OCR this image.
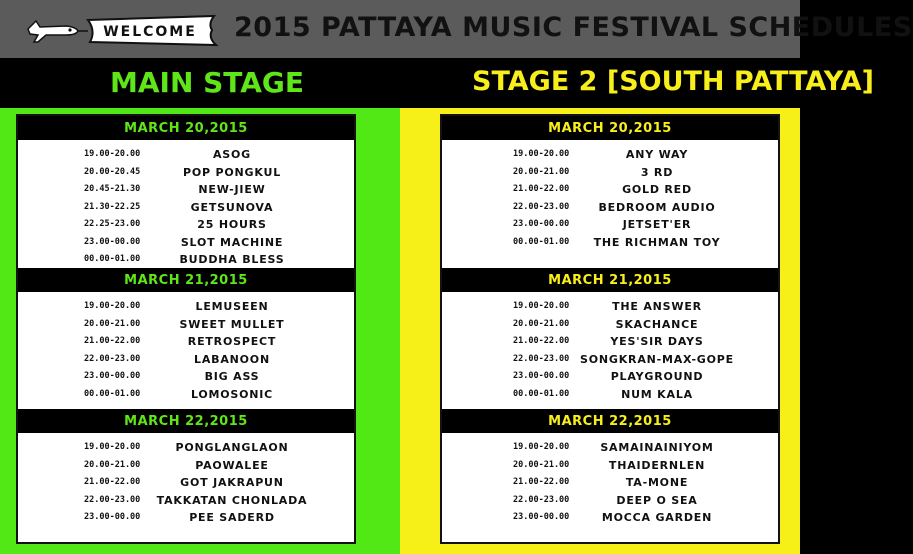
WELCOME 2015 PATTAYA MUSIC FESTIVAL SCHEDULES
MAIN STAGE	STAGE 2 [SOUTH PATTAYA]
MARCH 20,2015
19.00-20.00	ASOG
20.00-20.45	POP PONGKUL
20.45-21.30	NEW-JIEW
21.30-22.25	GETSUNOVA
22.25-23.00	25 HOURS
23.00-00.00	SLOT MACHINE
00.00-01.00	BUDDHA BLESS
MARCH 21,2015
19.00-20.00	LEMUSEEN
20.00-21.00	SWEET MULLET
21.00-22.00	RETROSPECT
22.00-23.00	LABANOON
23.00-00.00	BIG ASS
00.00-01.00	LOMOSONIC
MARCH 22,2015
19.00-20.00	PONGLANGLAON
20.00-21.00	PAOWALEE
21.00-22.00	GOT JAKRAPUN
22.00-23.00	TAKKATAN CHONLADA
23.00-00.00	PEE SADERD
MARCH 20,2015
19.00-20.00	ANY WAY
20.00-21.00	3 RD
21.00-22.00	GOLD RED
22.00-23.00	BEDROOM AUDIO
23.00-00.00	JETSET'ER
00.00-01.00	THE RICHMAN TOY
MARCH 21,2015
19.00-20.00	THE ANSWER
20.00-21.00	SKACHANCE
21.00-22.00	YES'SIR DAYS
22.00-23.00 SONGKRAN-MAX-GOPE
23.00-00.00	PLAYGROUND
00.00-01.00	NUM KALA
MARCH 22,2015
19.00-20.00	SAMAINAINIYOM
20.00-21.00	THAIDERNLEN
21.00-22.00	TA-MONE
22.00-23.00	DEEP O SEA
23.00-00.00	MOCCA GARDEN
